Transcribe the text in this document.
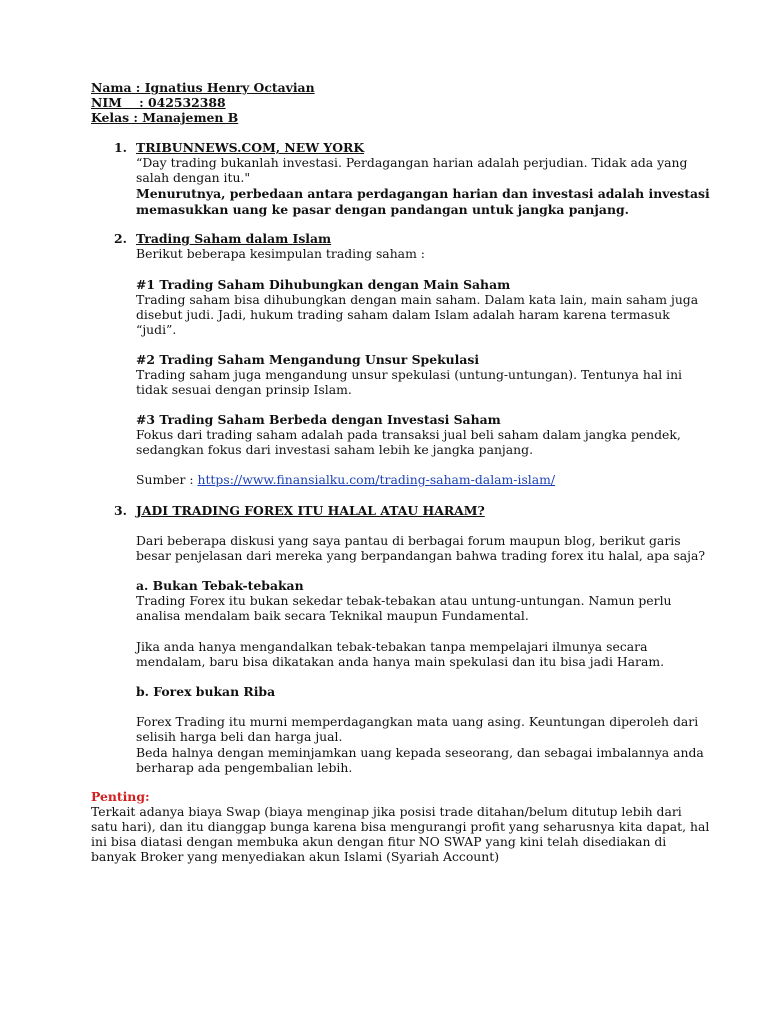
Nama : Ignatius Henry Octavian
NIM    : 042532388
Kelas : Manajemen B
1. TRIBUNNEWS.COM, NEW YORK
“Day trading bukanlah investasi. Perdagangan harian adalah perjudian. Tidak ada yang
salah dengan itu."
Menurutnya, perbedaan antara perdagangan harian dan investasi adalah investasi
memasukkan uang ke pasar dengan pandangan untuk jangka panjang.
2. Trading Saham dalam Islam
Berikut beberapa kesimpulan trading saham :
#1 Trading Saham Dihubungkan dengan Main Saham
Trading saham bisa dihubungkan dengan main saham. Dalam kata lain, main saham juga
disebut judi. Jadi, hukum trading saham dalam Islam adalah haram karena termasuk
“judi”.
#2 Trading Saham Mengandung Unsur Spekulasi
Trading saham juga mengandung unsur spekulasi (untung-untungan). Tentunya hal ini
tidak sesuai dengan prinsip Islam.
#3 Trading Saham Berbeda dengan Investasi Saham
Fokus dari trading saham adalah pada transaksi jual beli saham dalam jangka pendek,
sedangkan fokus dari investasi saham lebih ke jangka panjang.
Sumber : https://www.finansialku.com/trading-saham-dalam-islam/
3. JADI TRADING FOREX ITU HALAL ATAU HARAM?
Dari beberapa diskusi yang saya pantau di berbagai forum maupun blog, berikut garis
besar penjelasan dari mereka yang berpandangan bahwa trading forex itu halal, apa saja?
a. Bukan Tebak-tebakan
Trading Forex itu bukan sekedar tebak-tebakan atau untung-untungan. Namun perlu
analisa mendalam baik secara Teknikal maupun Fundamental.
Jika anda hanya mengandalkan tebak-tebakan tanpa mempelajari ilmunya secara
mendalam, baru bisa dikatakan anda hanya main spekulasi dan itu bisa jadi Haram.
b. Forex bukan Riba
Forex Trading itu murni memperdagangkan mata uang asing. Keuntungan diperoleh dari
selisih harga beli dan harga jual.
Beda halnya dengan meminjamkan uang kepada seseorang, dan sebagai imbalannya anda
berharap ada pengembalian lebih.
Penting:
Terkait adanya biaya Swap (biaya menginap jika posisi trade ditahan/belum ditutup lebih dari
satu hari), dan itu dianggap bunga karena bisa mengurangi profit yang seharusnya kita dapat, hal
ini bisa diatasi dengan membuka akun dengan fitur NO SWAP yang kini telah disediakan di
banyak Broker yang menyediakan akun Islami (Syariah Account)
